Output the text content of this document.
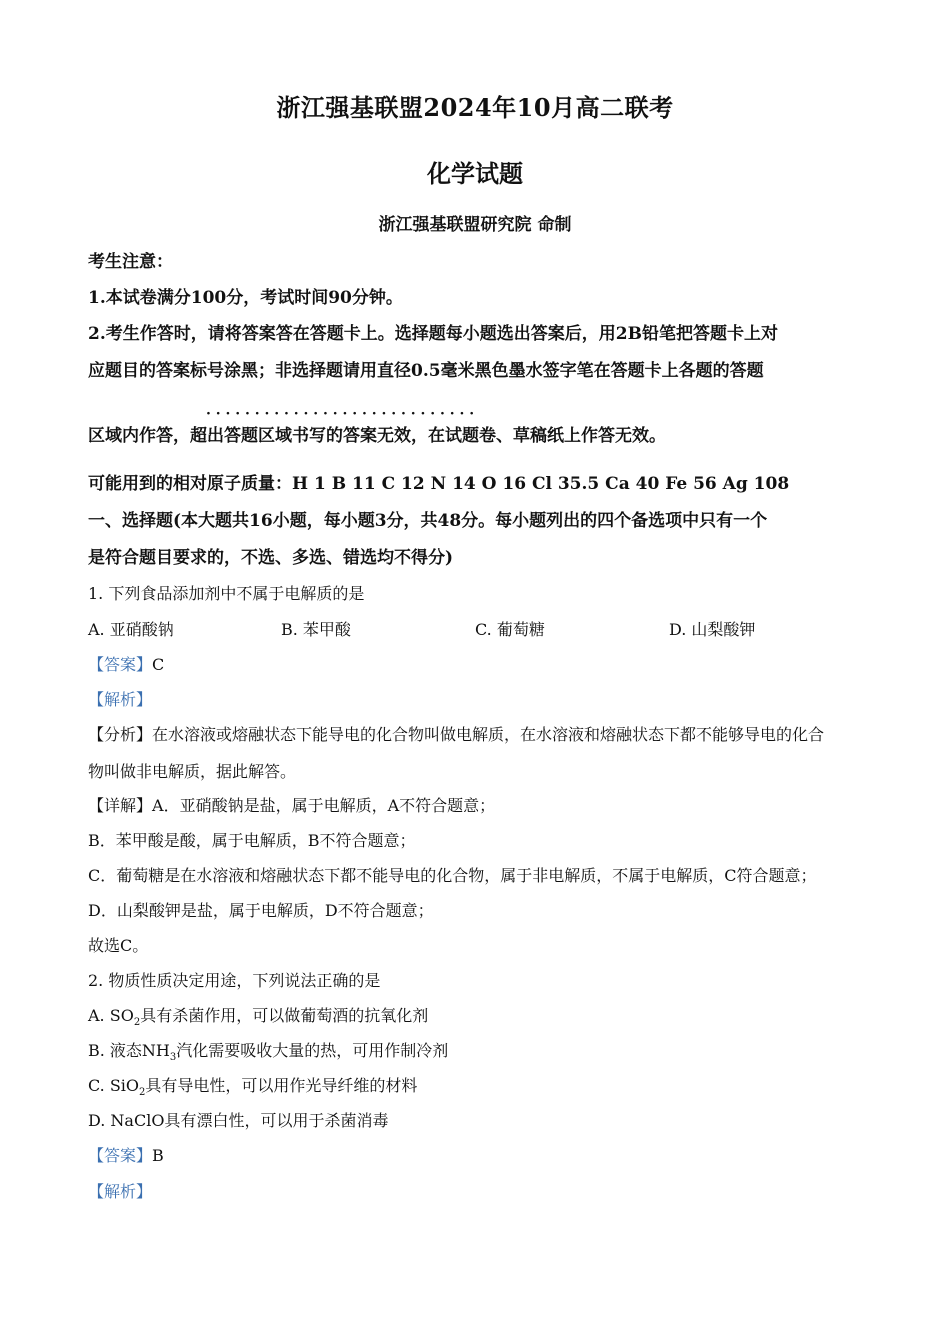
浙江强基联盟2024年10月高二联考
化学试题
浙江强基联盟研究院 命制
考生注意：
1.本试卷满分100分，考试时间90分钟。
2.考生作答时，请将答案答在答题卡上。选择题每小题选出答案后，用2B铅笔把答题卡上对
应题目的答案标号涂黑；非选择题请用直径0.5毫米黑色墨水签字笔在答题卡上各题的答题
· · · · · · · · · · · · · · · · · · · · · · · · · · · ·
区域内作答，超出答题区域书写的答案无效，在试题卷、草稿纸上作答无效。
可能用到的相对原子质量：H 1 B 11 C 12 N 14 O 16 Cl 35.5 Ca 40 Fe 56 Ag 108
一、选择题(本大题共16小题，每小题3分，共48分。每小题列出的四个备选项中只有一个
是符合题目要求的，不选、多选、错选均不得分)
1. 下列食品添加剂中不属于电解质的是
A. 亚硝酸钠	B. 苯甲酸	C. 葡萄糖	D. 山梨酸钾
【答案】C
【解析】
【分析】在水溶液或熔融状态下能导电的化合物叫做电解质，在水溶液和熔融状态下都不能够导电的化合
物叫做非电解质，据此解答。
【详解】A．亚硝酸钠是盐，属于电解质，A不符合题意；
B．苯甲酸是酸，属于电解质，B不符合题意；
C．葡萄糖是在水溶液和熔融状态下都不能导电的化合物，属于非电解质，不属于电解质，C符合题意；
D．山梨酸钾是盐，属于电解质，D不符合题意；
故选C。
2. 物质性质决定用途，下列说法正确的是
A. $SO_2$具有杀菌作用，可以做葡萄酒的抗氧化剂
B. 液态$NH_3$汽化需要吸收大量的热，可用作制冷剂
C. SiO$_2$具有导电性，可以用作光导纤维的材料
D. NaClO具有漂白性，可以用于杀菌消毒
【答案】B
【解析】
